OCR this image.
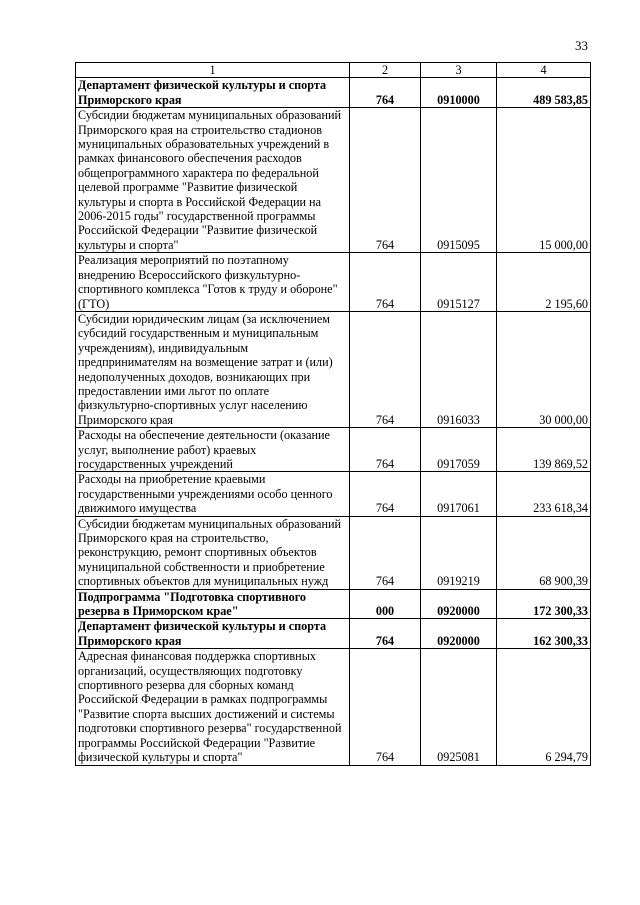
33
1	2	3	4
Департамент физической культуры и спорта Приморского края	764	0910000	489 583,85
Субсидии бюджетам муниципальных образований Приморского края на строительство стадионов муниципальных образовательных учреждений в рамках финансового обеспечения расходов общепрограммного характера по федеральной целевой программе "Развитие физической культуры и спорта в Российской Федерации на 2006-2015 годы" государственной программы Российской Федерации "Развитие физической культуры и спорта"	764	0915095	15 000,00
Реализация мероприятий по поэтапному внедрению Всероссийского физкультурно-спортивного комплекса "Готов к труду и обороне" (ГТО)	764	0915127	2 195,60
Субсидии юридическим лицам (за исключением субсидий государственным и муниципальным учреждениям), индивидуальным предпринимателям на возмещение затрат и (или) недополученных доходов, возникающих при предоставлении ими льгот по оплате физкультурно-спортивных услуг населению Приморского края	764	0916033	30 000,00
Расходы на обеспечение деятельности (оказание услуг, выполнение работ) краевых государственных учреждений	764	0917059	139 869,52
Расходы на приобретение краевыми государственными учреждениями особо ценного движимого имущества	764	0917061	233 618,34
Субсидии бюджетам муниципальных образований Приморского края на строительство, реконструкцию, ремонт спортивных объектов муниципальной собственности и приобретение спортивных объектов для муниципальных нужд	764	0919219	68 900,39
Подпрограмма "Подготовка спортивного резерва в Приморском крае"	000	0920000	172 300,33
Департамент физической культуры и спорта Приморского края	764	0920000	162 300,33
Адресная финансовая поддержка спортивных организаций, осуществляющих подготовку спортивного резерва для сборных команд Российской Федерации в рамках подпрограммы "Развитие спорта высших достижений и системы подготовки спортивного резерва" государственной программы Российской Федерации "Развитие физической культуры и спорта"	764	0925081	6 294,79
